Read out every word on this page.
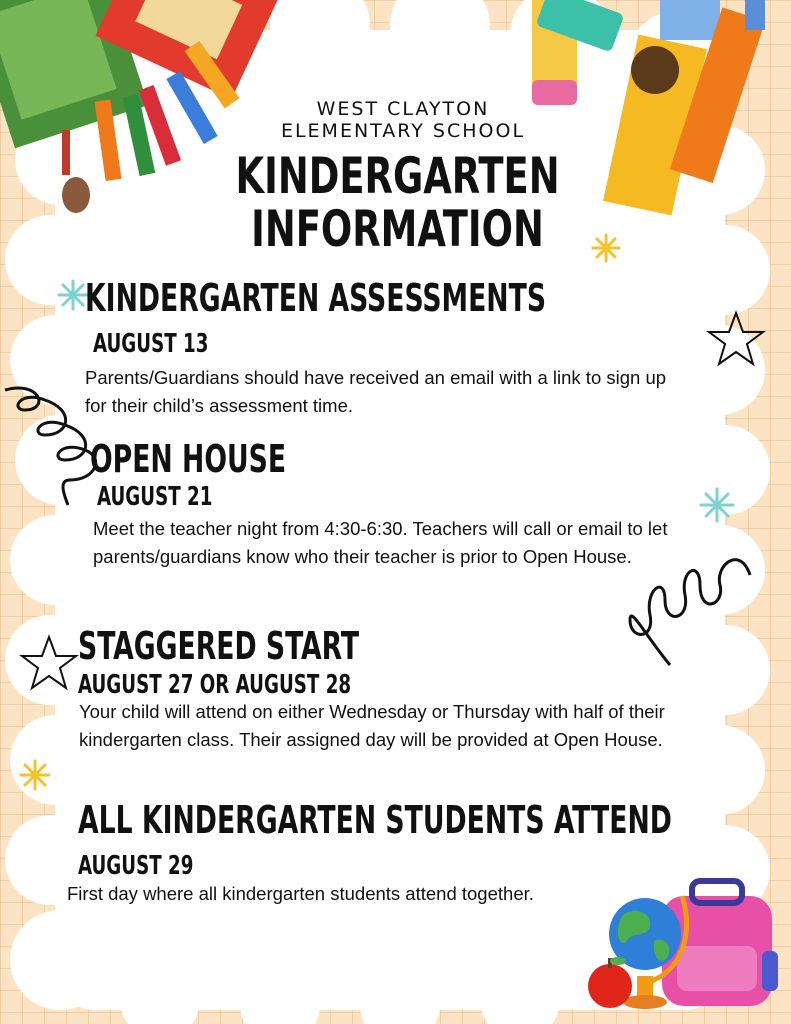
WEST CLAYTON
ELEMENTARY SCHOOL
KINDERGARTEN
INFORMATION
KINDERGARTEN ASSESSMENTS
AUGUST 13
Parents/Guardians should have received an email with a link to sign up for their child’s assessment time.
OPEN HOUSE
AUGUST 21
Meet the teacher night from 4:30-6:30. Teachers will call or email to let parents/guardians know who their teacher is prior to Open House.
STAGGERED START
AUGUST 27 OR AUGUST 28
Your child will attend on either Wednesday or Thursday with half of their kindergarten class. Their assigned day will be provided at Open House.
ALL KINDERGARTEN STUDENTS ATTEND
AUGUST 29
First day where all kindergarten students attend together.
